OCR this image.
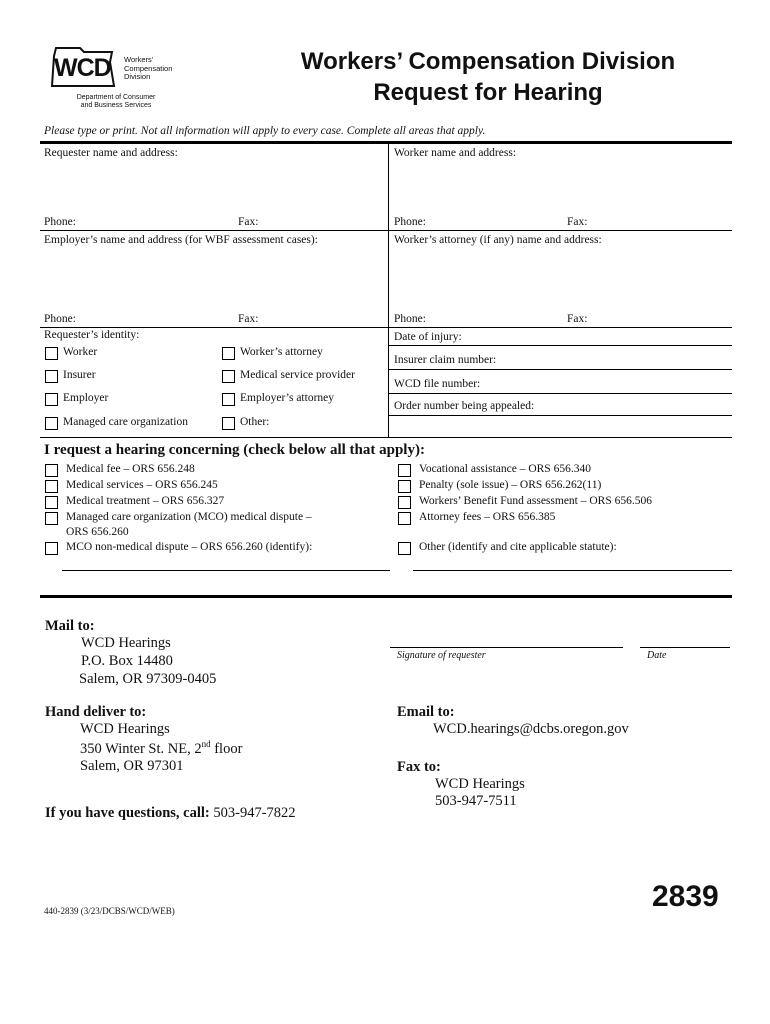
WCD Workers'
Compensation
Division
Department of Consumer
and Business Services
Workers’ Compensation Division
Request for Hearing
Please type or print. Not all information will apply to every case. Complete all areas that apply.
Requester name and address:	Worker name and address:
Phone:	Fax:	Phone:	Fax:
Employer’s name and address (for WBF assessment cases):	Worker’s attorney (if any) name and address:
Phone:	Fax:	Phone:	Fax:
Requester’s identity:
Worker	Worker’s attorney
Insurer	Medical service provider
Employer	Employer’s attorney
Managed care organization	Other:
Date of injury:
Insurer claim number:
WCD file number:
Order number being appealed:
I request a hearing concerning (check below all that apply):
Medical fee – ORS 656.248
Medical services – ORS 656.245
Medical treatment – ORS 656.327
Managed care organization (MCO) medical dispute –
ORS 656.260
MCO non-medical dispute – ORS 656.260 (identify):
Vocational assistance – ORS 656.340
Penalty (sole issue) – ORS 656.262(11)
Workers’ Benefit Fund assessment – ORS 656.506
Attorney fees – ORS 656.385
Other (identify and cite applicable statute):
Mail to:
WCD Hearings
P.O. Box 14480
Salem, OR 97309-0405
Signature of requester	Date
Hand deliver to:
WCD Hearings
350 Winter St. NE, 2nd floor
Salem, OR 97301
Email to:
WCD.hearings@dcbs.oregon.gov
Fax to:
WCD Hearings
503-947-7511
If you have questions, call: 503-947-7822
2839
440-2839 (3/23/DCBS/WCD/WEB)
